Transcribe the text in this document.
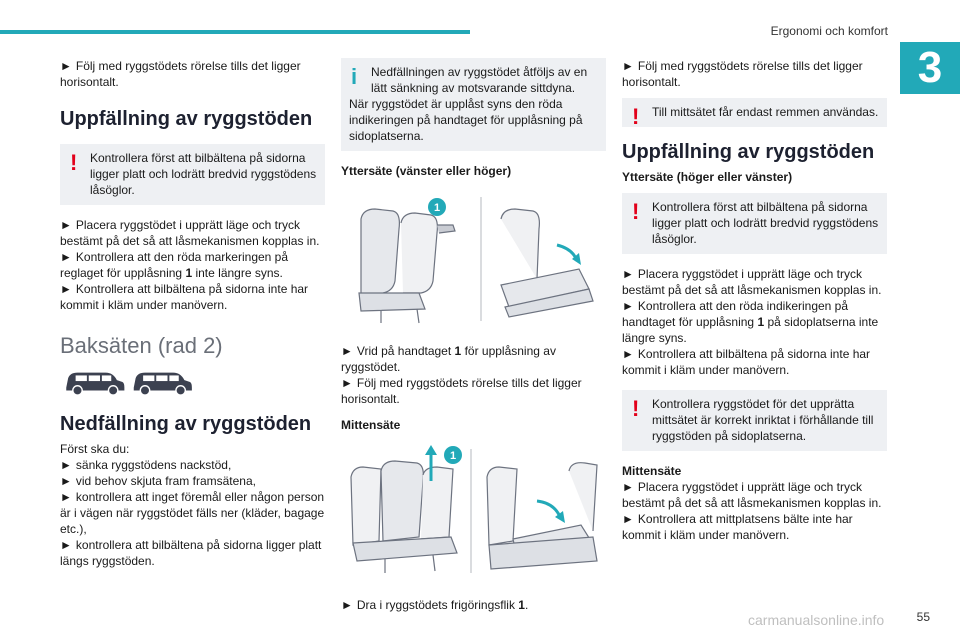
Ergonomi och komfort
3

► Följ med ryggstödets rörelse tills det ligger horisontalt.

Uppfällning av ryggstöden
!	Kontrollera först att bilbältena på sidorna ligger platt och lodrätt bredvid ryggstödens låsöglor.

► Placera ryggstödet i upprätt läge och tryck bestämt på det så att låsmekanismen kopplas in.

► Kontrollera att den röda markeringen på reglaget för upplåsning 1 inte längre syns.

► Kontrollera att bilbältena på sidorna inte har kommit i kläm under manövern.

Baksäten (rad 2)
Nedfällning av ryggstöden

Först ska du:

► sänka ryggstödens nackstöd,

► vid behov skjuta fram framsätena,

► kontrollera att inget föremål eller någon person är i vägen när ryggstödet fälls ner (kläder, bagage etc.),

► kontrollera att bilbältena på sidorna ligger platt längs ryggstöden.

i	Nedfällningen av ryggstödet åtföljs av en lätt sänkning av motsvarande sittdyna.
När ryggstödet är upplåst syns den röda indikeringen på handtaget för upplåsning på sidoplatserna.
Yttersäte (vänster eller höger)
1

► Vrid på handtaget 1 för upplåsning av ryggstödet.

► Följ med ryggstödets rörelse tills det ligger horisontalt.

Mittensäte
1

► Dra i ryggstödets frigöringsflik 1.

► Följ med ryggstödets rörelse tills det ligger horisontalt.

!	Till mittsätet får endast remmen användas.
Uppfällning av ryggstöden
Yttersäte (höger eller vänster)
!	Kontrollera först att bilbältena på sidorna ligger platt och lodrätt bredvid ryggstödens låsöglor.

► Placera ryggstödet i upprätt läge och tryck bestämt på det så att låsmekanismen kopplas in.

► Kontrollera att den röda indikeringen på handtaget för upplåsning 1 på sidoplatserna inte längre syns.

► Kontrollera att bilbältena på sidorna inte har kommit i kläm under manövern.

!	Kontrollera ryggstödet för det upprätta mittsätet är korrekt inriktat i förhållande till ryggstöden på sidoplatserna.
Mittensäte

► Placera ryggstödet i upprätt läge och tryck bestämt på det så att låsmekanismen kopplas in.

► Kontrollera att mittplatsens bälte inte har kommit i kläm under manövern.

carmanualsonline.info	55
